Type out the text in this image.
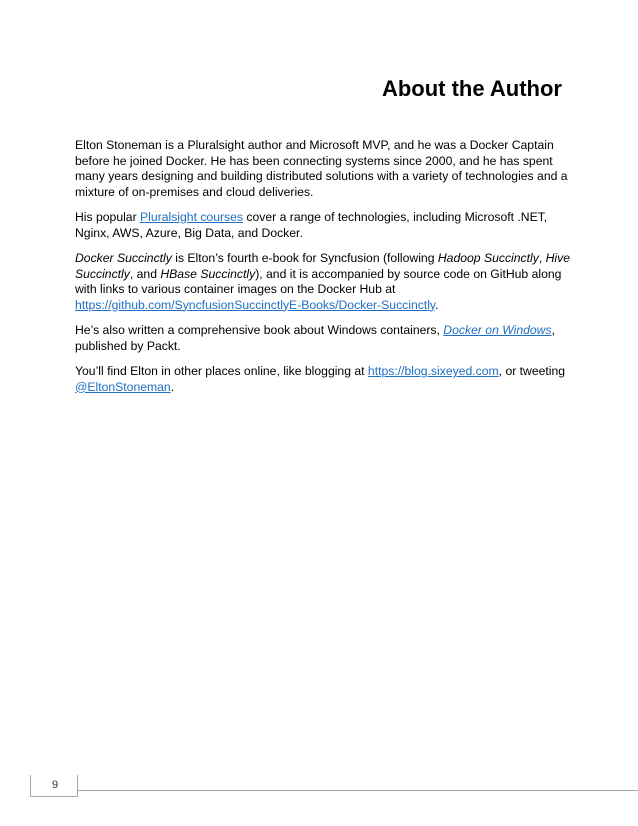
About the Author

Elton Stoneman is a Pluralsight author and Microsoft MVP, and he was a Docker Captain before he joined Docker. He has been connecting systems since 2000, and he has spent many years designing and building distributed solutions with a variety of technologies and a mixture of on-premises and cloud deliveries.

His popular Pluralsight courses cover a range of technologies, including Microsoft .NET, Nginx, AWS, Azure, Big Data, and Docker.

Docker Succinctly is Elton’s fourth e-book for Syncfusion (following Hadoop Succinctly, Hive Succinctly, and HBase Succinctly), and it is accompanied by source code on GitHub along with links to various container images on the Docker Hub at https://github.com/SyncfusionSuccinctlyE-Books/Docker-Succinctly.

He’s also written a comprehensive book about Windows containers, Docker on Windows, published by Packt.

You’ll find Elton in other places online, like blogging at https://blog.sixeyed.com, or tweeting @EltonStoneman.

9
